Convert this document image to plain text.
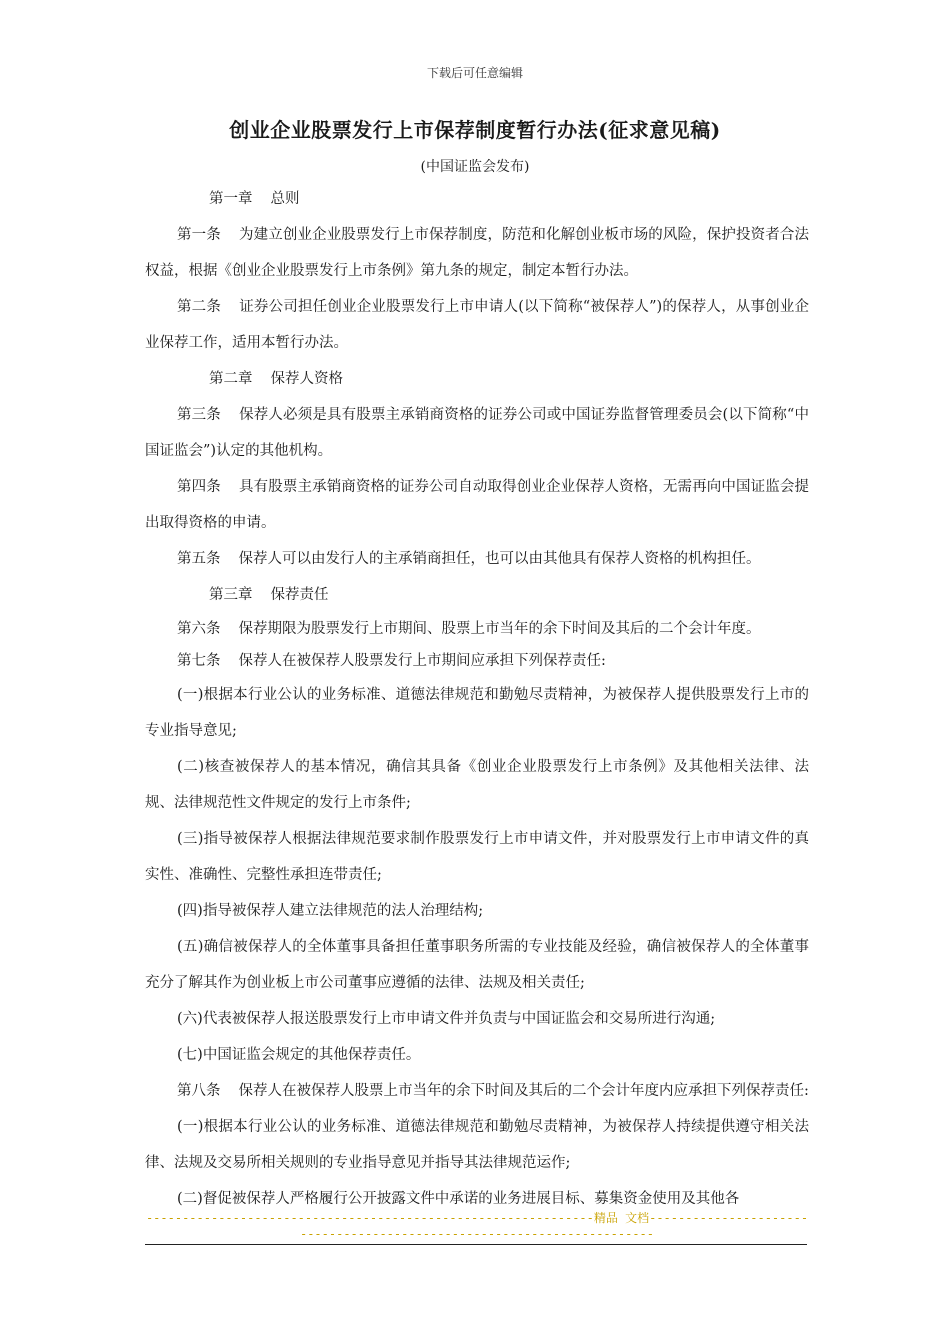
下载后可任意编辑
创业企业股票发行上市保荐制度暂行办法(征求意见稿)
(中国证监会发布)

第一章 总则

第一条 为建立创业企业股票发行上市保荐制度，防范和化解创业板市场的风险，保护投资者合法权益，根据《创业企业股票发行上市条例》第九条的规定，制定本暂行办法。

第二条 证券公司担任创业企业股票发行上市申请人(以下简称“被保荐人”)的保荐人，从事创业企业保荐工作，适用本暂行办法。

第二章 保荐人资格

第三条 保荐人必须是具有股票主承销商资格的证券公司或中国证券监督管理委员会(以下简称“中国证监会”)认定的其他机构。

第四条 具有股票主承销商资格的证券公司自动取得创业企业保荐人资格，无需再向中国证监会提出取得资格的申请。

第五条 保荐人可以由发行人的主承销商担任，也可以由其他具有保荐人资格的机构担任。

第三章 保荐责任

第六条 保荐期限为股票发行上市期间、股票上市当年的余下时间及其后的二个会计年度。

第七条 保荐人在被保荐人股票发行上市期间应承担下列保荐责任:

(一)根据本行业公认的业务标准、道德法律规范和勤勉尽责精神，为被保荐人提供股票发行上市的专业指导意见;

(二)核查被保荐人的基本情况，确信其具备《创业企业股票发行上市条例》及其他相关法律、法规、法律规范性文件规定的发行上市条件;

(三)指导被保荐人根据法律规范要求制作股票发行上市申请文件，并对股票发行上市申请文件的真实性、准确性、完整性承担连带责任;

(四)指导被保荐人建立法律规范的法人治理结构;

(五)确信被保荐人的全体董事具备担任董事职务所需的专业技能及经验，确信被保荐人的全体董事充分了解其作为创业板上市公司董事应遵循的法律、法规及相关责任;

(六)代表被保荐人报送股票发行上市申请文件并负责与中国证监会和交易所进行沟通;

(七)中国证监会规定的其他保荐责任。

第八条 保荐人在被保荐人股票上市当年的余下时间及其后的二个会计年度内应承担下列保荐责任:

(一)根据本行业公认的业务标准、道德法律规范和勤勉尽责精神，为被保荐人持续提供遵守相关法律、法规及交易所相关规则的专业指导意见并指导其法律规范运作;

(二)督促被保荐人严格履行公开披露文件中承诺的业务进展目标、募集资金使用及其他各

--------------------------------------------------------------精品 文档-----------------------------------------------------------------------
